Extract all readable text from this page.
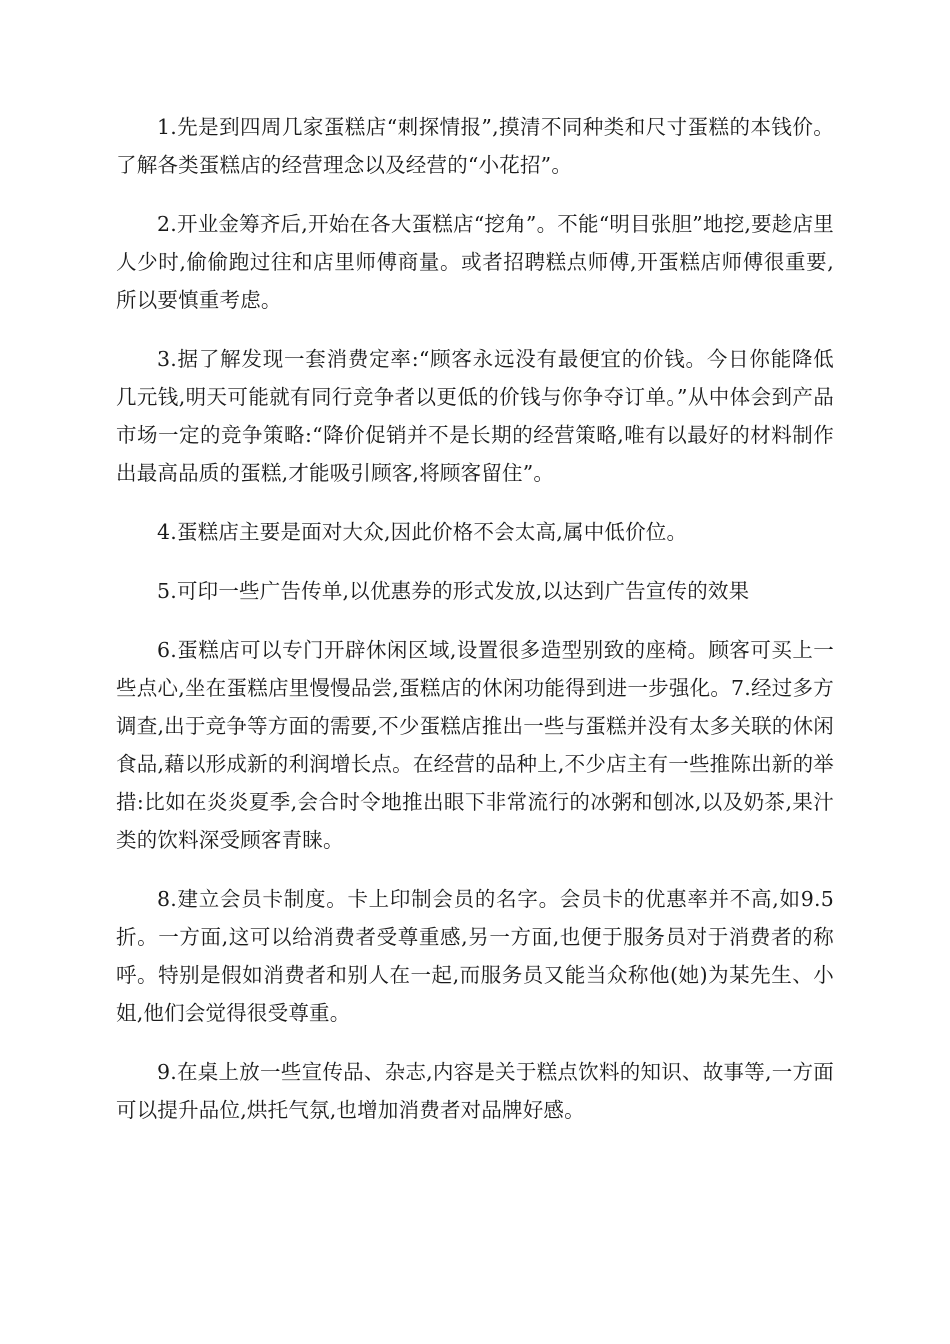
1.先是到四周几家蛋糕店“刺探情报”,摸清不同种类和尺寸蛋糕的本钱价。了解各类蛋糕店的经营理念以及经营的“小花招”。

2.开业金筹齐后,开始在各大蛋糕店“挖角”。不能“明目张胆”地挖,要趁店里人少时,偷偷跑过往和店里师傅商量。或者招聘糕点师傅,开蛋糕店师傅很重要,所以要慎重考虑。

3.据了解发现一套消费定率:“顾客永远没有最便宜的价钱。今日你能降低几元钱,明天可能就有同行竞争者以更低的价钱与你争夺订单。”从中体会到产品市场一定的竞争策略:“降价促销并不是长期的经营策略,唯有以最好的材料制作出最高品质的蛋糕,才能吸引顾客,将顾客留住”。

4.蛋糕店主要是面对大众,因此价格不会太高,属中低价位。

5.可印一些广告传单,以优惠券的形式发放,以达到广告宣传的效果

6.蛋糕店可以专门开辟休闲区域,设置很多造型别致的座椅。顾客可买上一些点心,坐在蛋糕店里慢慢品尝,蛋糕店的休闲功能得到进一步强化。7.经过多方调查,出于竞争等方面的需要,不少蛋糕店推出一些与蛋糕并没有太多关联的休闲食品,藉以形成新的利润增长点。在经营的品种上,不少店主有一些推陈出新的举措:比如在炎炎夏季,会合时令地推出眼下非常流行的冰粥和刨冰,以及奶茶,果汁类的饮料深受顾客青睐。

8.建立会员卡制度。卡上印制会员的名字。会员卡的优惠率并不高,如9.5折。一方面,这可以给消费者受尊重感,另一方面,也便于服务员对于消费者的称呼。特别是假如消费者和别人在一起,而服务员又能当众称他(她)为某先生、小姐,他们会觉得很受尊重。

9.在桌上放一些宣传品、杂志,内容是关于糕点饮料的知识、故事等,一方面可以提升品位,烘托气氛,也增加消费者对品牌好感。
